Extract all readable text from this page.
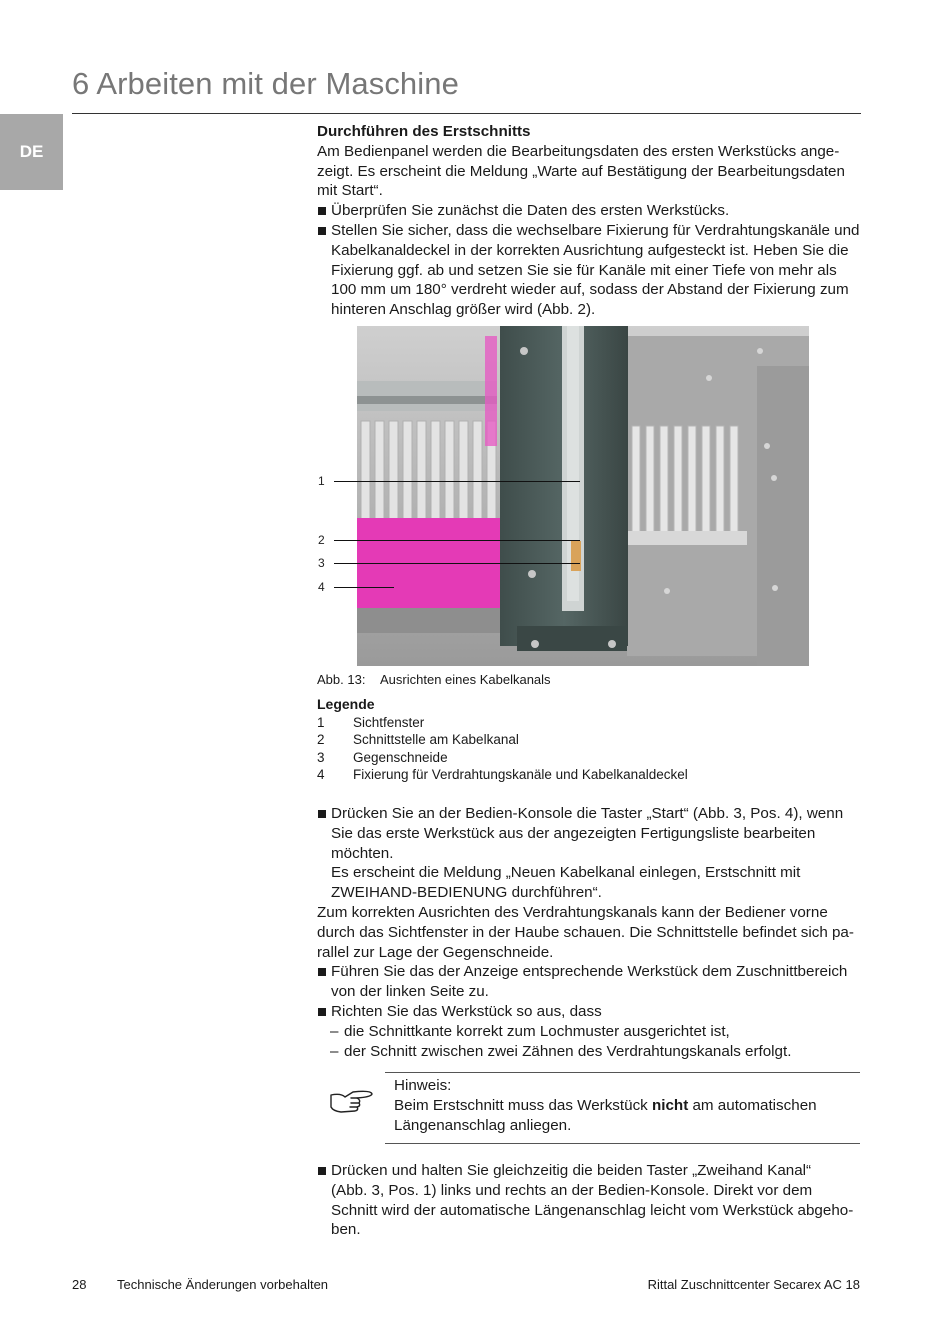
6 Arbeiten mit der Maschine
DE

Durchführen des Erstschnitts

Am Bedienpanel werden die Bearbeitungsdaten des ersten Werkstücks ange-

zeigt. Es erscheint die Meldung „Warte auf Bestätigung der Bearbeitungsdaten

mit Start“.

Überprüfen Sie zunächst die Daten des ersten Werkstücks.

Stellen Sie sicher, dass die wechselbare Fixierung für Verdrahtungskanäle und

Kabelkanaldeckel in der korrekten Ausrichtung aufgesteckt ist. Heben Sie die

Fixierung ggf. ab und setzen Sie sie für Kanäle mit einer Tiefe von mehr als

100 mm um 180° verdreht wieder auf, sodass der Abstand der Fixierung zum

hinteren Anschlag größer wird (Abb. 2).

1
2
3
4
Abb. 13: Ausrichten eines Kabelkanals
Legende
1	Sichtfenster
2	Schnittstelle am Kabelkanal
3	Gegenschneide
4	Fixierung für Verdrahtungskanäle und Kabelkanaldeckel

Drücken Sie an der Bedien-Konsole die Taster „Start“ (Abb. 3, Pos. 4), wenn

Sie das erste Werkstück aus der angezeigten Fertigungsliste bearbeiten

möchten.

Es erscheint die Meldung „Neuen Kabelkanal einlegen, Erstschnitt mit

ZWEIHAND-BEDIENUNG durchführen“.

Zum korrekten Ausrichten des Verdrahtungskanals kann der Bediener vorne

durch das Sichtfenster in der Haube schauen. Die Schnittstelle befindet sich pa-

rallel zur Lage der Gegenschneide.

Führen Sie das der Anzeige entsprechende Werkstück dem Zuschnittbereich

von der linken Seite zu.

Richten Sie das Werkstück so aus, dass

– die Schnittkante korrekt zum Lochmuster ausgerichtet ist,

– der Schnitt zwischen zwei Zähnen des Verdrahtungskanals erfolgt.

Hinweis:

Beim Erstschnitt muss das Werkstück nicht am automatischen

Längenanschlag anliegen.

Drücken und halten Sie gleichzeitig die beiden Taster „Zweihand Kanal“

(Abb. 3, Pos. 1) links und rechts an der Bedien-Konsole. Direkt vor dem

Schnitt wird der automatische Längenanschlag leicht vom Werkstück abgeho-

ben.

28 Technische Änderungen vorbehalten	Rittal Zuschnittcenter Secarex AC 18
